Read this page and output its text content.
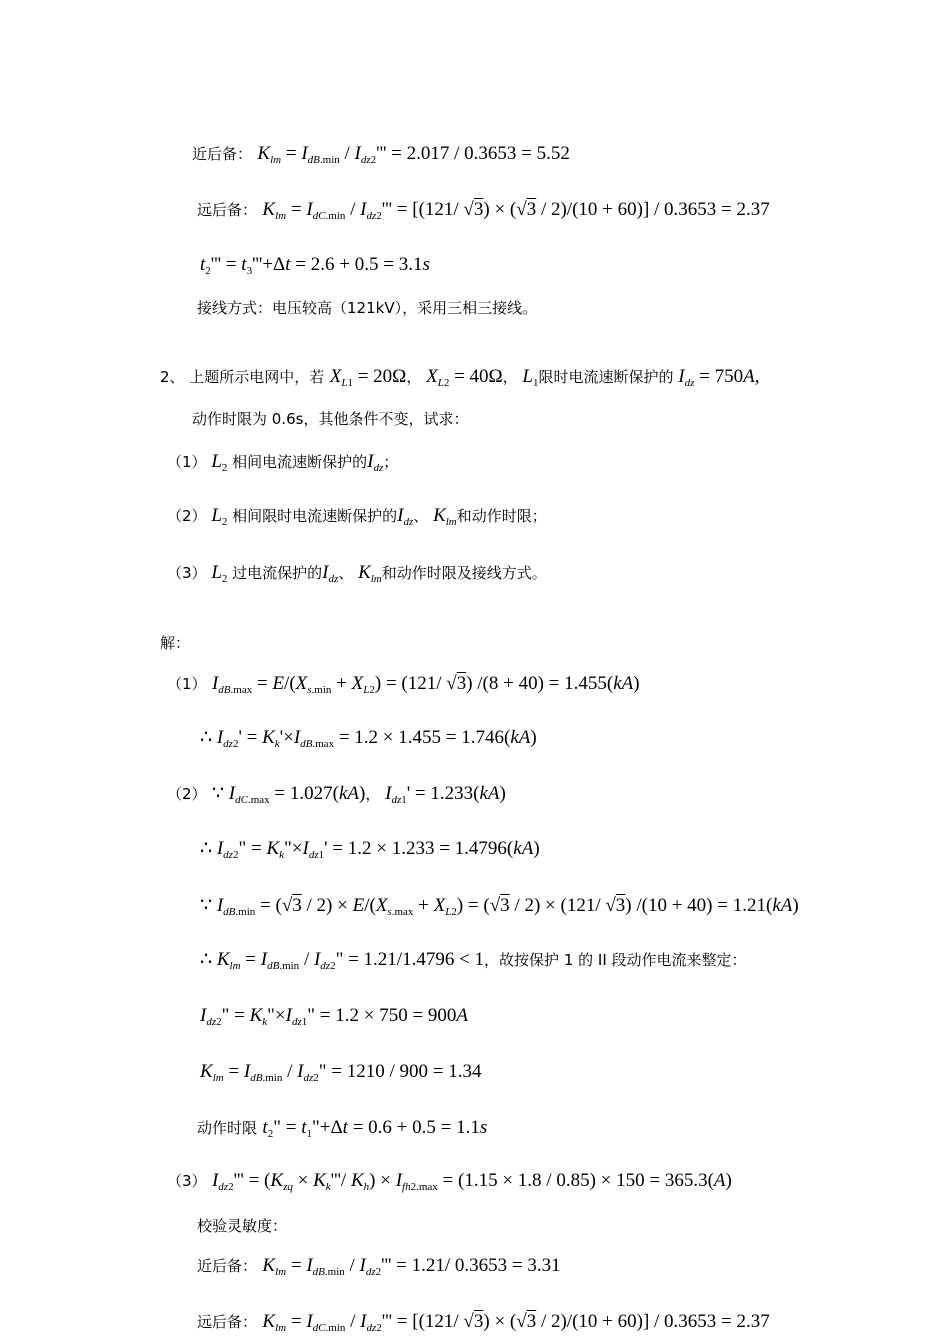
近后备： $K_{lm} = I_{dB.min} / I_{dz2}''' = 2.017 / 0.3653 = 5.52$
远后备： $K_{lm} = I_{dC.min} / I_{dz2}''' = [(121/$ √3) × (√3 / 2)/(10 + 60)] / 0.3653 = 2.37
$t_2''' = t_3'''+\Delta t = 2.6 + 0.5 = 3.1s$
接线方式：电压较高（121kV），采用三相三接线。
2、 上题所示电网中，若 $X_{L1} = 20\Omega$， $X_{L2} = 40\Omega$， $L_1$限时电流速断保护的 $I_{dz} = 750A$,
动作时限为 0.6s，其他条件不变，试求：
（1） $L_2$ 相间电流速断保护的$I_{dz}$；
（2） $L_2$ 相间限时电流速断保护的$I_{dz}$、 $K_{lm}$和动作时限；
（3） $L_2$ 过电流保护的$I_{dz}$、 $K_{lm}$和动作时限及接线方式。
解：
（1） $I_{dB.max} = E/(X_{s.min} + X_{L2}) = (121/$ √3) /(8 + 40) = 1.455(kA)
∴ $I_{dz2}' = K_k'\times I_{dB.max} = 1.2 \times 1.455 = 1.746(kA)$
（2） ∵ $I_{dC.max} = 1.027(kA)$， $I_{dz1}' = 1.233(kA)$
∴ $I_{dz2}$" = $K_k"\times I_{dz1}' = 1.2 \times 1.233 = 1.4796(kA)$
∵ $I_{dB.min} = (√3 / 2) \times E/(X_{s.max} + X_{L2}) = (√3 / 2) \times (121/$ √3) /(10 + 40) = 1.21(kA)
∴ $K_{lm} = I_{dB.min} / I_{dz2}$" = 1.21/1.4796 < 1，故按保护 1 的 II 段动作电流来整定：
$I_{dz2}$" = $K_k"\times I_{dz1}$" = 1.2 × 750 = 900A
$K_{lm} = I_{dB.min} / I_{dz2}$" = 1210 / 900 = 1.34
动作时限 $t_2$" = $t_1"+\Delta t = 0.6 + 0.5 = 1.1s$
（3） $I_{dz2}''' = (K_{zq} \times K_k'''/$ $K_h) \times I_{fh2.max} = (1.15 \times 1.8 / 0.85) \times 150 = 365.3(A)$
校验灵敏度：
近后备： $K_{lm} = I_{dB.min} / I_{dz2}''' = 1.21/$ 0.3653 = 3.31
远后备： $K_{lm} = I_{dC.min} / I_{dz2}''' = [(121/$ √3) × (√3 / 2)/(10 + 60)] / 0.3653 = 2.37
